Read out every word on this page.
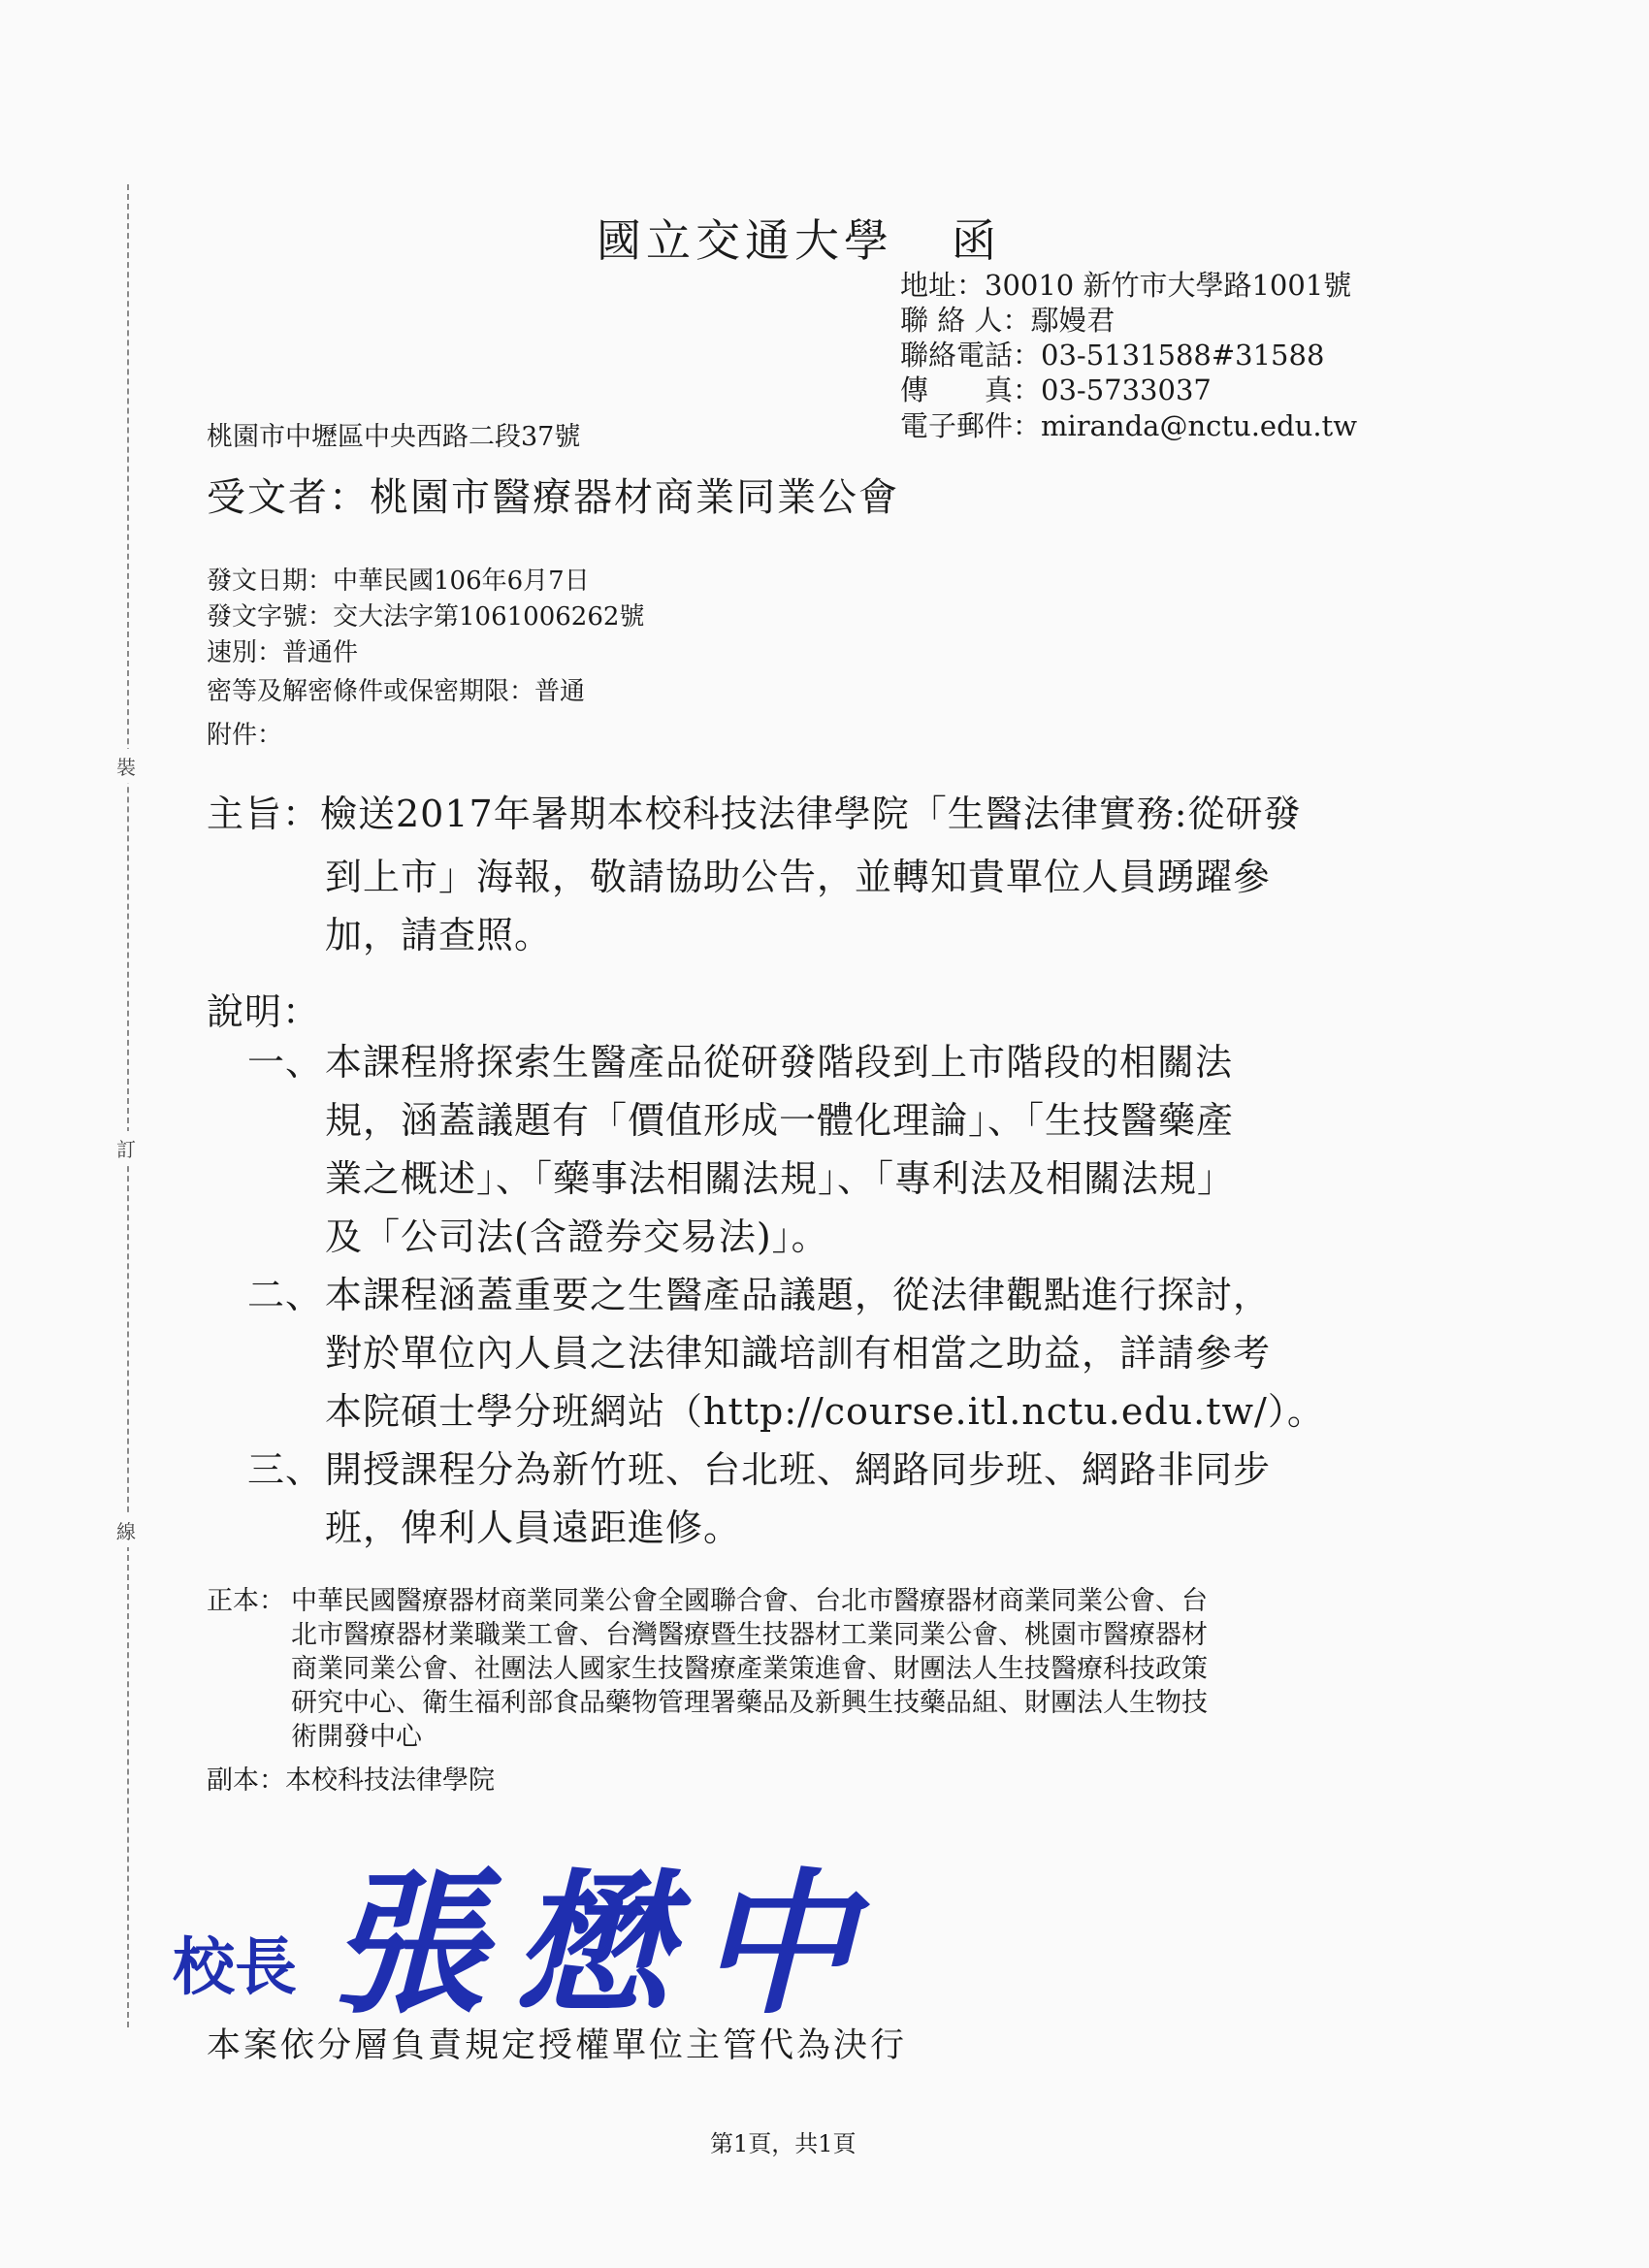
裝
訂
線
國立交通大學 函
地址：30010 新竹市大學路1001號
聯 絡 人：鄢嫚君
聯絡電話：03-5131588#31588
傳　　真：03-5733037
電子郵件：miranda@nctu.edu.tw
桃園市中壢區中央西路二段37號
受文者：桃園市醫療器材商業同業公會
發文日期：中華民國106年6月7日
發文字號：交大法字第1061006262號
速別：普通件
密等及解密條件或保密期限：普通
附件：
主旨：檢送2017年暑期本校科技法律學院「生醫法律實務:從研發
到上市」海報，敬請協助公告，並轉知貴單位人員踴躍參
加，請查照。
說明：
一、 本課程將探索生醫產品從研發階段到上市階段的相關法
規，涵蓋議題有「價值形成一體化理論」、「生技醫藥產
業之概述」、「藥事法相關法規」、「專利法及相關法規」
及「公司法(含證券交易法)」。
二、 本課程涵蓋重要之生醫產品議題，從法律觀點進行探討，
對於單位內人員之法律知識培訓有相當之助益，詳請參考
本院碩士學分班網站（http://course.itl.nctu.edu.tw/）。
三、 開授課程分為新竹班、台北班、網路同步班、網路非同步
班，俾利人員遠距進修。
正本： 中華民國醫療器材商業同業公會全國聯合會、台北市醫療器材商業同業公會、台
北市醫療器材業職業工會、台灣醫療暨生技器材工業同業公會、桃園市醫療器材
商業同業公會、社團法人國家生技醫療產業策進會、財團法人生技醫療科技政策
研究中心、衛生福利部食品藥物管理署藥品及新興生技藥品組、財團法人生物技
術開發中心
副本：本校科技法律學院
校長 張懋中
本案依分層負責規定授權單位主管代為決行
第1頁，共1頁
